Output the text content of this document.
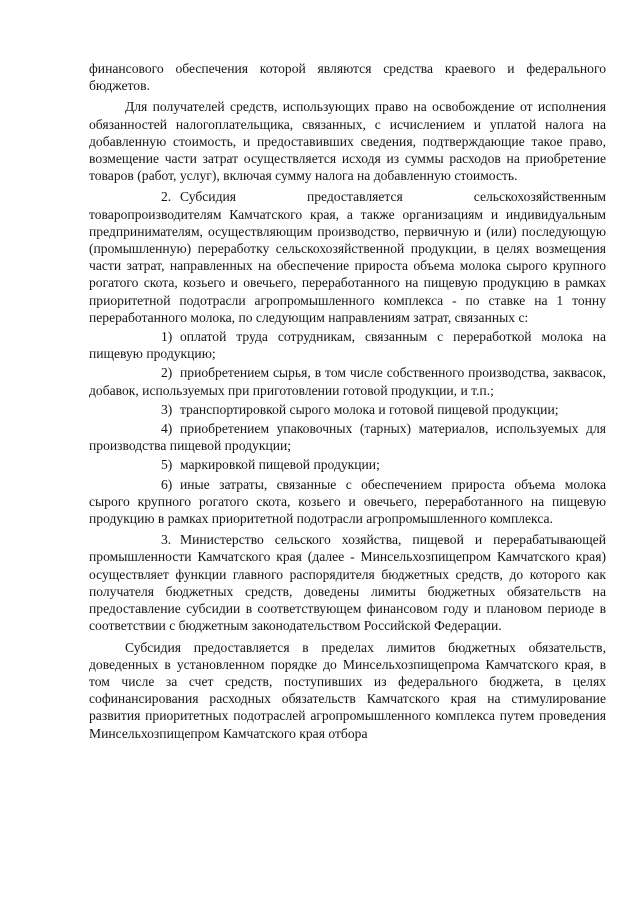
финансового обеспечения которой являются средства краевого и федерального бюджетов.

Для получателей средств, использующих право на освобождение от исполнения обязанностей налогоплательщика, связанных, с исчислением и уплатой налога на добавленную стоимость, и предоставивших сведения, подтверждающие такое право, возмещение части затрат осуществляется исходя из суммы расходов на приобретение товаров (работ, услуг), включая сумму налога на добавленную стоимость.

2. Субсидия предоставляется сельскохозяйственным товаропроизводителям Камчатского края, а также организациям и индивидуальным предпринимателям, осуществляющим производство, первичную и (или) последующую (промышленную) переработку сельскохозяйственной продукции, в целях возмещения части затрат, направленных на обеспечение прироста объема молока сырого крупного рогатого скота, козьего и овечьего, переработанного на пищевую продукцию в рамках приоритетной подотрасли агропромышленного комплекса - по ставке на 1 тонну переработанного молока, по следующим направлениям затрат, связанных с:

1) оплатой труда сотрудникам, связанным с переработкой молока на пищевую продукцию;

2) приобретением сырья, в том числе собственного производства, заквасок, добавок, используемых при приготовлении готовой продукции, и т.п.;

3) транспортировкой сырого молока и готовой пищевой продукции;

4) приобретением упаковочных (тарных) материалов, используемых для производства пищевой продукции;

5) маркировкой пищевой продукции;

6) иные затраты, связанные с обеспечением прироста объема молока сырого крупного рогатого скота, козьего и овечьего, переработанного на пищевую продукцию в рамках приоритетной подотрасли агропромышленного комплекса.

3. Министерство сельского хозяйства, пищевой и перерабатывающей промышленности Камчатского края (далее - Минсельхозпищепром Камчатского края) осуществляет функции главного распорядителя бюджетных средств, до которого как получателя бюджетных средств, доведены лимиты бюджетных обязательств на предоставление субсидии в соответствующем финансовом году и плановом периоде в соответствии с бюджетным законодательством Российской Федерации.

Субсидия предоставляется в пределах лимитов бюджетных обязательств, доведенных в установленном порядке до Минсельхозпищепрома Камчатского края, в том числе за счет средств, поступивших из федерального бюджета, в целях софинансирования расходных обязательств Камчатского края на стимулирование развития приоритетных подотраслей агропромышленного комплекса путем проведения Минсельхозпищепром Камчатского края отбора
